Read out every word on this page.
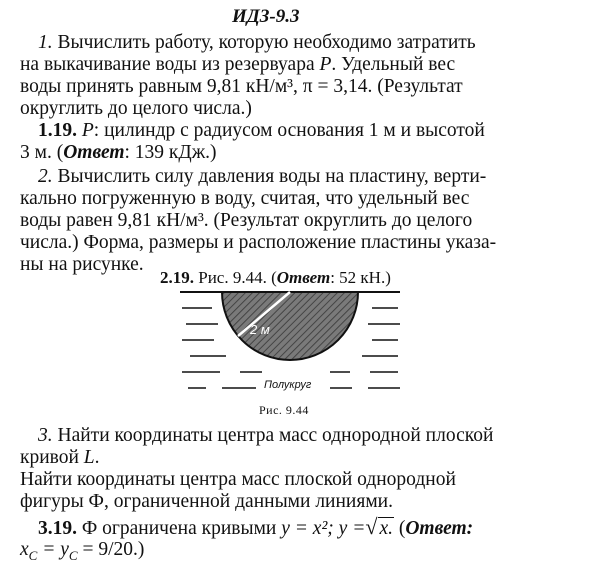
ИДЗ-9.3
1. Вычислить работу, которую необходимо затратить
на выкачивание воды из резервуара P. Удельный вес
воды принять равным 9,81 кН/м³, π = 3,14. (Результат
округлить до целого числа.)
1.19. P: цилиндр с радиусом основания 1 м и высотой
3 м. (Ответ: 139 кДж.)
2. Вычислить силу давления воды на пластину, верти-
кально погруженную в воду, считая, что удельный вес
воды равен 9,81 кН/м³. (Результат округлить до целого
числа.) Форма, размеры и расположение пластины указа-
ны на рисунке.
2.19. Рис. 9.44. (Ответ: 52 кН.)
2 м
Полукруг
Рис. 9.44
3. Найти координаты центра масс однородной плоской
кривой L.
Найти координаты центра масс плоской однородной
фигуры Ф, ограниченной данными линиями.
3.19. Ф ограничена кривыми y = x²; y =√ x. (Ответ:
$x_C = y_C = 9/20$.)
